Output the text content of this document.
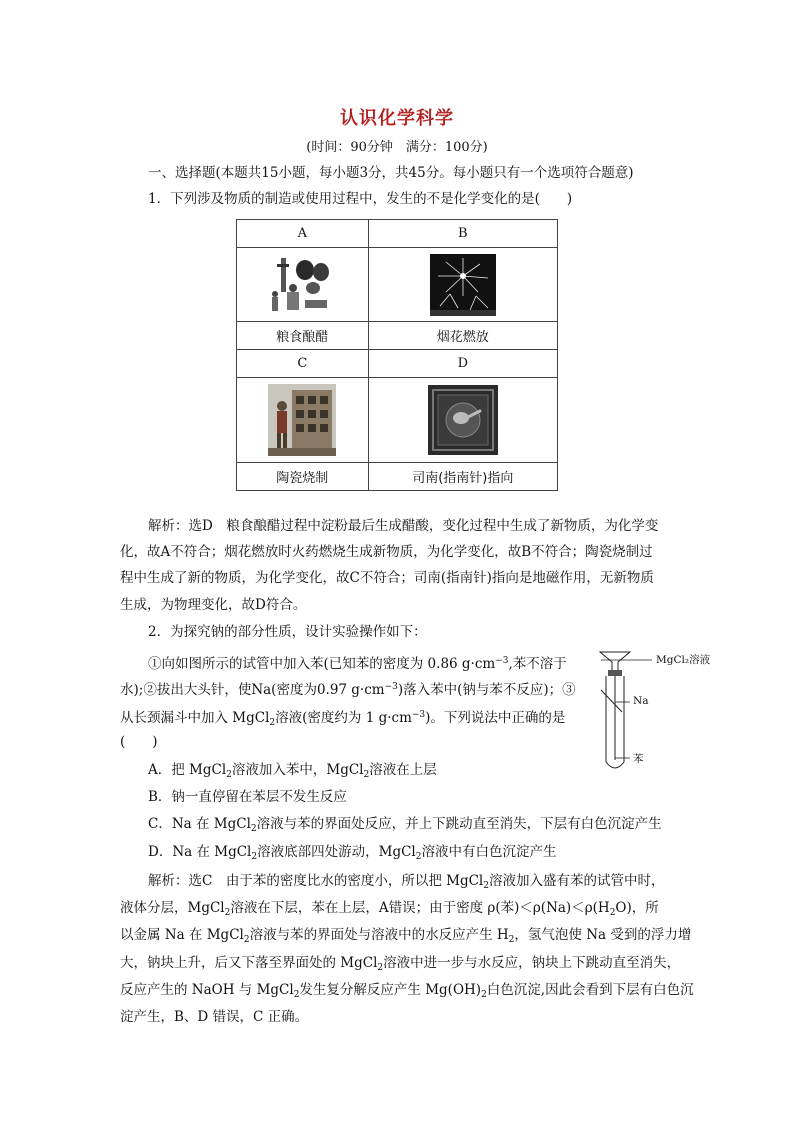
认识化学科学
(时间：90分钟　满分：100分)
一、选择题(本题共15小题，每小题3分，共45分。每小题只有一个选项符合题意)
1．下列涉及物质的制造或使用过程中，发生的不是化学变化的是(　　)
A	B

粮食酿醋	烟花燃放
C	D

陶瓷烧制	司南(指南针)指向
解析：选D　粮食酿醋过程中淀粉最后生成醋酸，变化过程中生成了新物质，为化学变
化，故A不符合；烟花燃放时火药燃烧生成新物质，为化学变化，故B不符合；陶瓷烧制过
程中生成了新的物质，为化学变化，故C不符合；司南(指南针)指向是地磁作用，无新物质
生成，为物理变化，故D符合。
2．为探究钠的部分性质，设计实验操作如下：
①向如图所示的试管中加入苯(已知苯的密度为 0.86 $g\cdot cm^{-3}$,苯不溶于
水);②拔出大头针，使Na(密度为0.97 $g\cdot cm^{-3}$)落入苯中(钠与苯不反应)；③
从长颈漏斗中加入 MgCl$_2$溶液(密度约为 1 $g\cdot cm^{-3}$)。下列说法中正确的是
(　　)
A．把 MgCl$_2$溶液加入苯中，MgCl$_2$溶液在上层
B．钠一直停留在苯层不发生反应
C．Na 在 MgCl$_2$溶液与苯的界面处反应，并上下跳动直至消失，下层有白色沉淀产生
D．Na 在 MgCl$_2$溶液底部四处游动，MgCl$_2$溶液中有白色沉淀产生
解析：选C　由于苯的密度比水的密度小，所以把 MgCl$_2$溶液加入盛有苯的试管中时，
液体分层，MgCl$_2$溶液在下层，苯在上层，A错误；由于密度 ρ(苯)$<\rho(Na)<\rho(H_2O)$，所
以金属 Na 在 MgCl$_2$溶液与苯的界面处与溶液中的水反应产生 $H_2$，氢气泡使 Na 受到的浮力增
大，钠块上升，后又下落至界面处的 MgCl$_2$溶液中进一步与水反应，钠块上下跳动直至消失，
反应产生的 NaOH 与 MgCl$_2$发生复分解反应产生 $Mg(OH)_2$白色沉淀,因此会看到下层有白色沉
淀产生，B、D 错误，C 正确。
MgCl₂溶液
Na
苯
